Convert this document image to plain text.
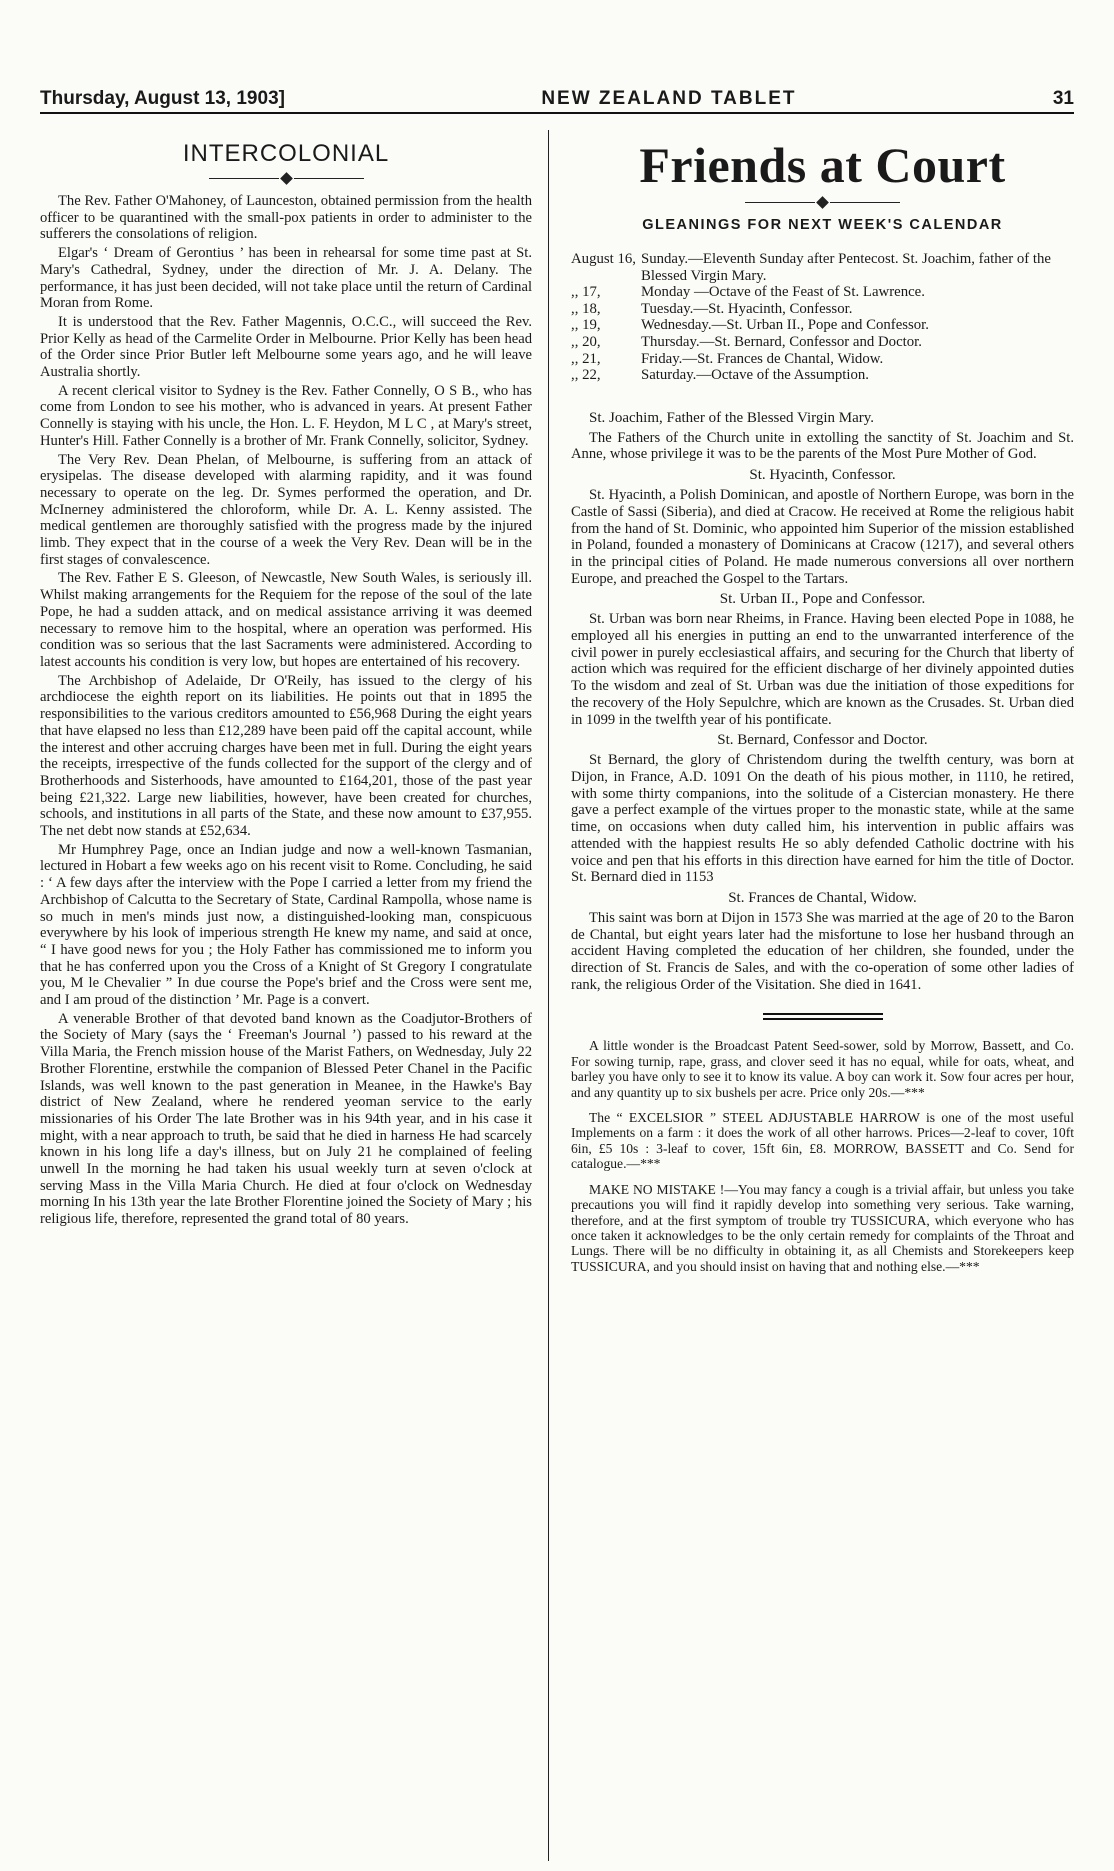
Thursday, August 13, 1903]	NEW ZEALAND TABLET	31
INTERCOLONIAL

The Rev. Father O'Mahoney, of Launceston, obtained permission from the health officer to be quarantined with the small-pox patients in order to administer to the sufferers the consolations of religion.

Elgar's ‘ Dream of Gerontius ’ has been in rehearsal for some time past at St. Mary's Cathedral, Sydney, under the direction of Mr. J. A. Delany. The performance, it has just been decided, will not take place until the return of Cardinal Moran from Rome.

It is understood that the Rev. Father Magennis, O.C.C., will succeed the Rev. Prior Kelly as head of the Carmelite Order in Melbourne. Prior Kelly has been head of the Order since Prior Butler left Melbourne some years ago, and he will leave Australia shortly.

A recent clerical visitor to Sydney is the Rev. Father Connelly, O S B., who has come from London to see his mother, who is advanced in years. At present Father Connelly is staying with his uncle, the Hon. L. F. Heydon, M L C , at Mary's street, Hunter's Hill. Father Connelly is a brother of Mr. Frank Connelly, solicitor, Sydney.

The Very Rev. Dean Phelan, of Melbourne, is suffering from an attack of erysipelas. The disease developed with alarming rapidity, and it was found necessary to operate on the leg. Dr. Symes performed the operation, and Dr. McInerney administered the chloroform, while Dr. A. L. Kenny assisted. The medical gentlemen are thoroughly satisfied with the progress made by the injured limb. They expect that in the course of a week the Very Rev. Dean will be in the first stages of convalescence.

The Rev. Father E S. Gleeson, of Newcastle, New South Wales, is seriously ill. Whilst making arrangements for the Requiem for the repose of the soul of the late Pope, he had a sudden attack, and on medical assistance arriving it was deemed necessary to remove him to the hospital, where an operation was performed. His condition was so serious that the last Sacraments were administered. According to latest accounts his condition is very low, but hopes are entertained of his recovery.

The Archbishop of Adelaide, Dr O'Reily, has issued to the clergy of his archdiocese the eighth report on its liabilities. He points out that in 1895 the responsibilities to the various creditors amounted to £56,968 During the eight years that have elapsed no less than £12,289 have been paid off the capital account, while the interest and other accruing charges have been met in full. During the eight years the receipts, irrespective of the funds collected for the support of the clergy and of Brotherhoods and Sisterhoods, have amounted to £164,201, those of the past year being £21,322. Large new liabilities, however, have been created for churches, schools, and institutions in all parts of the State, and these now amount to £37,955. The net debt now stands at £52,634.

Mr Humphrey Page, once an Indian judge and now a well-known Tasmanian, lectured in Hobart a few weeks ago on his recent visit to Rome. Concluding, he said : ‘ A few days after the interview with the Pope I carried a letter from my friend the Archbishop of Calcutta to the Secretary of State, Cardinal Rampolla, whose name is so much in men's minds just now, a distinguished-looking man, conspicuous everywhere by his look of imperious strength He knew my name, and said at once, “ I have good news for you ; the Holy Father has commissioned me to inform you that he has conferred upon you the Cross of a Knight of St Gregory I congratulate you, M le Chevalier ” In due course the Pope's brief and the Cross were sent me, and I am proud of the distinction ’ Mr. Page is a convert.

A venerable Brother of that devoted band known as the Coadjutor-Brothers of the Society of Mary (says the ‘ Freeman's Journal ’) passed to his reward at the Villa Maria, the French mission house of the Marist Fathers, on Wednesday, July 22 Brother Florentine, erstwhile the companion of Blessed Peter Chanel in the Pacific Islands, was well known to the past generation in Meanee, in the Hawke's Bay district of New Zealand, where he rendered yeoman service to the early missionaries of his Order The late Brother was in his 94th year, and in his case it might, with a near approach to truth, be said that he died in harness He had scarcely known in his long life a day's illness, but on July 21 he complained of feeling unwell In the morning he had taken his usual weekly turn at seven o'clock at serving Mass in the Villa Maria Church. He died at four o'clock on Wednesday morning In his 13th year the late Brother Florentine joined the Society of Mary ; his religious life, therefore, represented the grand total of 80 years.

Friends at Court
GLEANINGS FOR NEXT WEEK'S CALENDAR
August 16, Sunday.—Eleventh Sunday after Pentecost. St. Joachim, father of the Blessed Virgin Mary.
,, 17,	Monday —Octave of the Feast of St. Lawrence.
,, 18,	Tuesday.—St. Hyacinth, Confessor.
,, 19,	Wednesday.—St. Urban II., Pope and Confessor.
,, 20,	Thursday.—St. Bernard, Confessor and Doctor.
,, 21,	Friday.—St. Frances de Chantal, Widow.
,, 22,	Saturday.—Octave of the Assumption.
St. Joachim, Father of the Blessed Virgin Mary.

The Fathers of the Church unite in extolling the sanctity of St. Joachim and St. Anne, whose privilege it was to be the parents of the Most Pure Mother of God.

St. Hyacinth, Confessor.

St. Hyacinth, a Polish Dominican, and apostle of Northern Europe, was born in the Castle of Sassi (Siberia), and died at Cracow. He received at Rome the religious habit from the hand of St. Dominic, who appointed him Superior of the mission established in Poland, founded a monastery of Dominicans at Cracow (1217), and several others in the principal cities of Poland. He made numerous conversions all over northern Europe, and preached the Gospel to the Tartars.

St. Urban II., Pope and Confessor.

St. Urban was born near Rheims, in France. Having been elected Pope in 1088, he employed all his energies in putting an end to the unwarranted interference of the civil power in purely ecclesiastical affairs, and securing for the Church that liberty of action which was required for the efficient discharge of her divinely appointed duties To the wisdom and zeal of St. Urban was due the initiation of those expeditions for the recovery of the Holy Sepulchre, which are known as the Crusades. St. Urban died in 1099 in the twelfth year of his pontificate.

St. Bernard, Confessor and Doctor.

St Bernard, the glory of Christendom during the twelfth century, was born at Dijon, in France, A.D. 1091 On the death of his pious mother, in 1110, he retired, with some thirty companions, into the solitude of a Cistercian monastery. He there gave a perfect example of the virtues proper to the monastic state, while at the same time, on occasions when duty called him, his intervention in public affairs was attended with the happiest results He so ably defended Catholic doctrine with his voice and pen that his efforts in this direction have earned for him the title of Doctor. St. Bernard died in 1153

St. Frances de Chantal, Widow.

This saint was born at Dijon in 1573 She was married at the age of 20 to the Baron de Chantal, but eight years later had the misfortune to lose her husband through an accident Having completed the education of her children, she founded, under the direction of St. Francis de Sales, and with the co-operation of some other ladies of rank, the religious Order of the Visitation. She died in 1641.

A little wonder is the Broadcast Patent Seed-sower, sold by Morrow, Bassett, and Co. For sowing turnip, rape, grass, and clover seed it has no equal, while for oats, wheat, and barley you have only to see it to know its value. A boy can work it. Sow four acres per hour, and any quantity up to six bushels per acre. Price only 20s.—***

The “ EXCELSIOR ” STEEL ADJUSTABLE HARROW is one of the most useful Implements on a farm : it does the work of all other harrows. Prices—2-leaf to cover, 10ft 6in, £5 10s : 3-leaf to cover, 15ft 6in, £8. MORROW, BASSETT and Co. Send for catalogue.—***

MAKE NO MISTAKE !—You may fancy a cough is a trivial affair, but unless you take precautions you will find it rapidly develop into something very serious. Take warning, therefore, and at the first symptom of trouble try TUSSICURA, which everyone who has once taken it acknowledges to be the only certain remedy for complaints of the Throat and Lungs. There will be no difficulty in obtaining it, as all Chemists and Storekeepers keep TUSSICURA, and you should insist on having that and nothing else.—***
